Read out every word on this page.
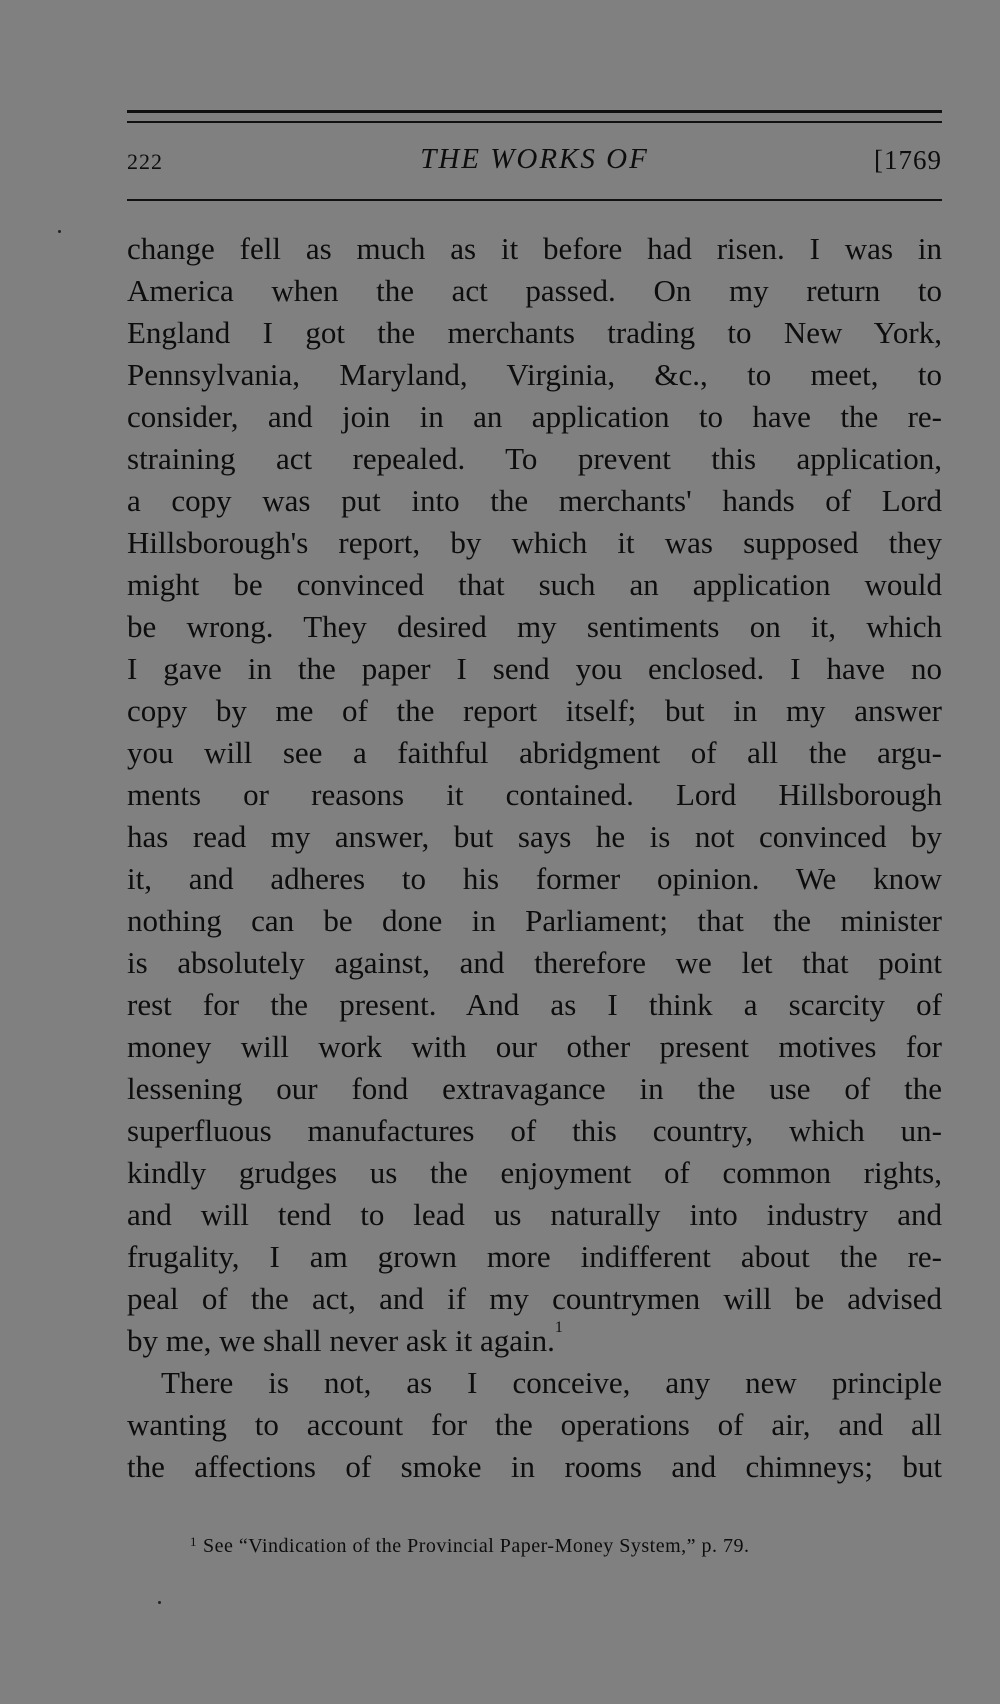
222	THE WORKS OF	[1769
change fell as much as it before had risen. I was in
America when the act passed. On my return to
England I got the merchants trading to New York,
Pennsylvania, Maryland, Virginia, &c., to meet, to
consider, and join in an application to have the re-
straining act repealed. To prevent this application,
a copy was put into the merchants' hands of Lord
Hillsborough's report, by which it was supposed they
might be convinced that such an application would
be wrong. They desired my sentiments on it, which
I gave in the paper I send you enclosed. I have no
copy by me of the report itself; but in my answer
you will see a faithful abridgment of all the argu-
ments or reasons it contained. Lord Hillsborough
has read my answer, but says he is not convinced by
it, and adheres to his former opinion. We know
nothing can be done in Parliament; that the minister
is absolutely against, and therefore we let that point
rest for the present. And as I think a scarcity of
money will work with our other present motives for
lessening our fond extravagance in the use of the
superfluous manufactures of this country, which un-
kindly grudges us the enjoyment of common rights,
and will tend to lead us naturally into industry and
frugality, I am grown more indifferent about the re-
peal of the act, and if my countrymen will be advised
by me, we shall never ask it again.$^1$
There is not, as I conceive, any new principle
wanting to account for the operations of air, and all
the affections of smoke in rooms and chimneys; but
$^1$ See “Vindication of the Provincial Paper-Money System,” p. 79.
